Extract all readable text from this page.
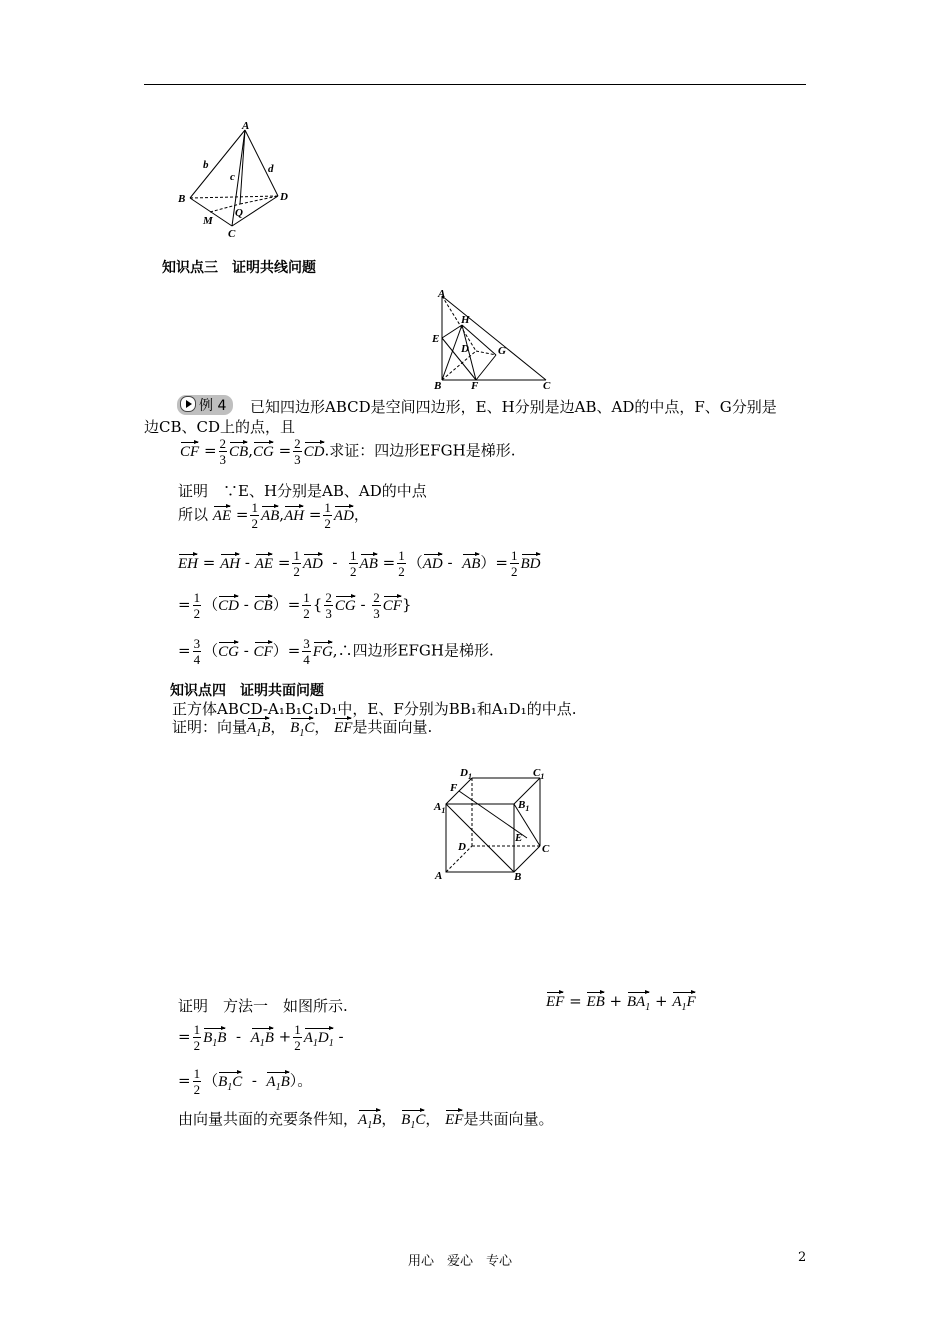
A
B
C
D
b
c
d
M
Q
知识点三　证明共线问题
A
B	C
D
E
F
G
H
例 4	已知四边形ABCD是空间四边形，E、H分别是边AB、AD的中点，F、G分别是
边CB、CD上的点，且
CF = $\frac{2}{3} CB,CG = \frac{2}{3}$ CD.求证：四边形EFGH是梯形.
证明　∵E、H分别是AB、AD的中点
所以 AE = $\frac{1}{2} AB,AH = \frac{1}{2}$ AD，
EH = AH - AE = $\frac{1}{2}$ AD  - $\frac{1}{2}$ AB = $\frac{1}{2} (AD - AB)= \frac{1}{2}$ BD
= $\frac{1}{2} (CD - CB)= \frac{1}{2}$ { $\frac{2}{3}$ CG - $\frac{2}{3} CF$}
= $\frac{3}{4} (CG - CF)= \frac{3}{4}$ FG,∴四边形EFGH是梯形.
知识点四　证明共面问题
正方体ABCD-A₁B₁C₁D₁中，E、F分别为BB₁和A₁D₁的中点.
证明：向量$A_1B$， $B_1C$， EF是共面向量.
$A_1$
A	B
$B_1$
C
$C_1$
$D_1$
D
E
F
证明　方法一　如图所示.	EF = EB + $BA_1 + A_1F$
= $\frac{1}{2} B_1B - A_1B + \frac{1}{2} A_1D_1$ -
= $\frac{1}{2} (B_1C - A_1B)$。
由向量共面的充要条件知，$A_1B$， $B_1C$， EF是共面向量。
用心　爱心　专心	2
